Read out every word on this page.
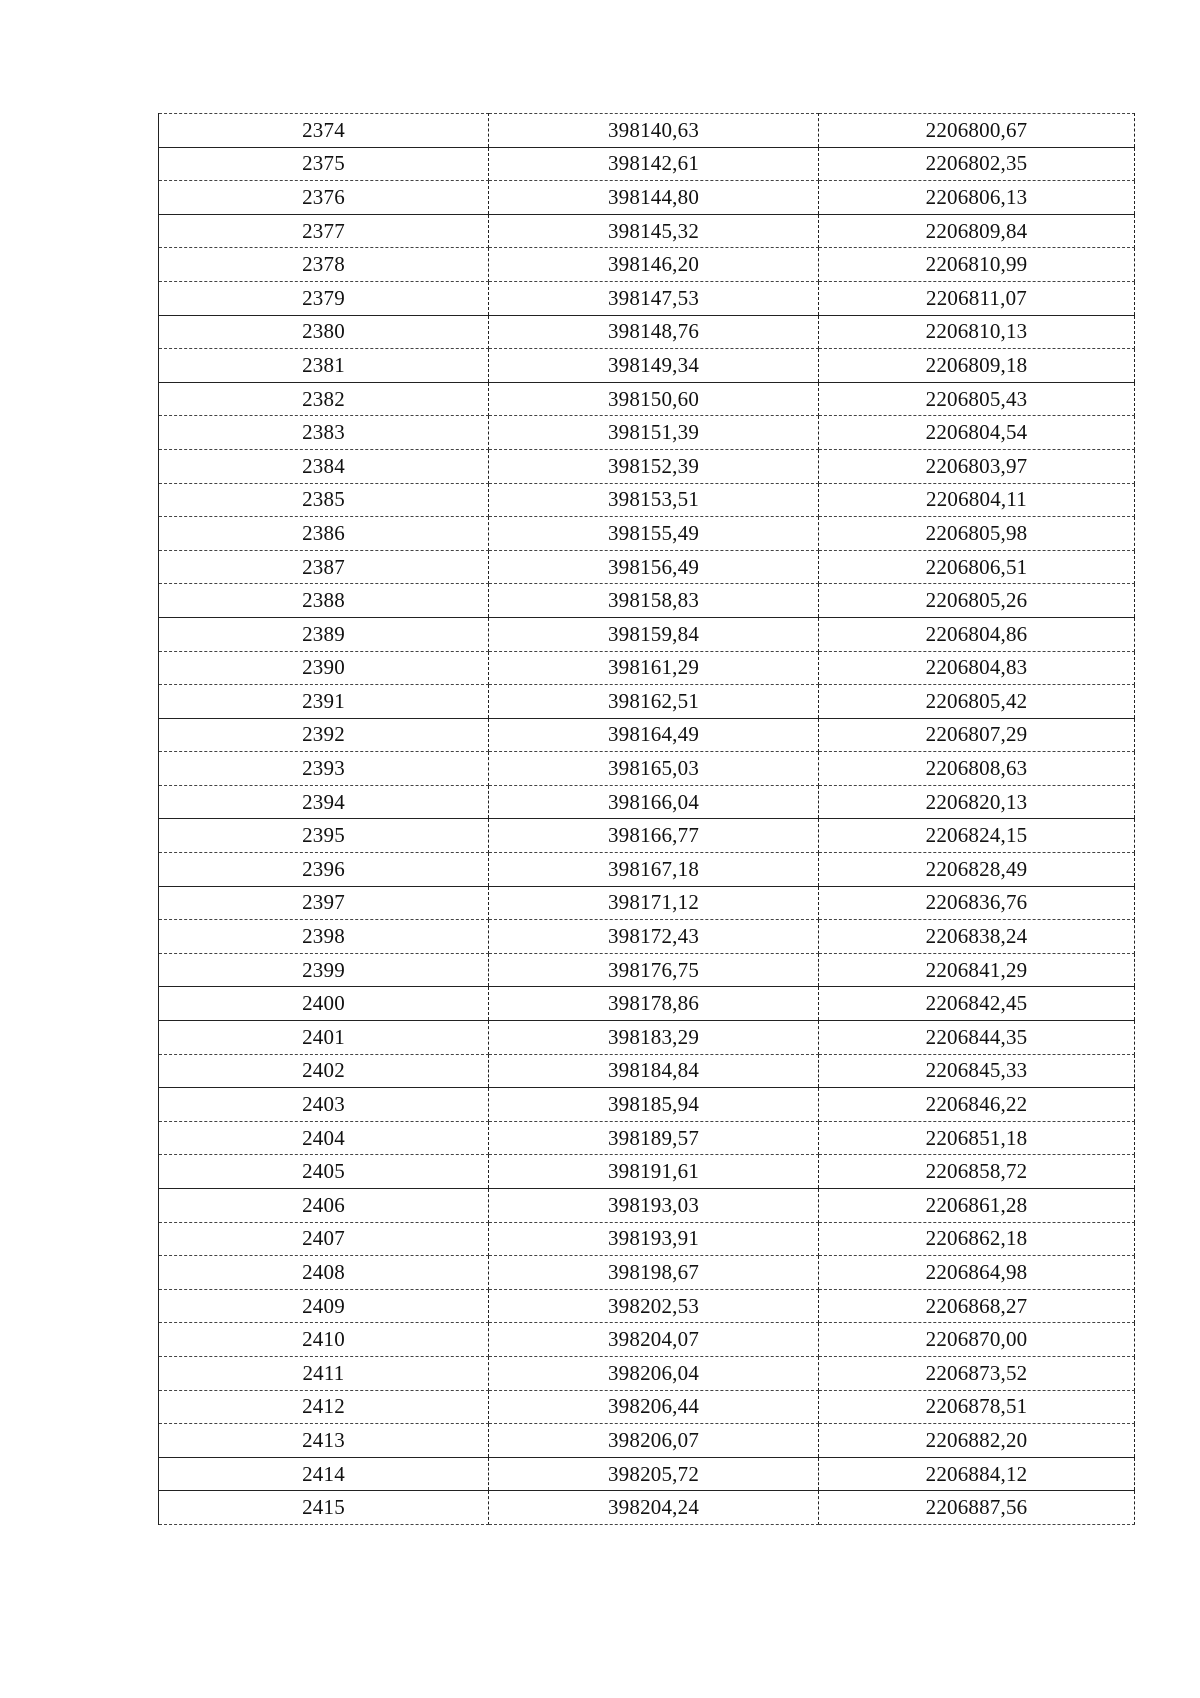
2374	398140,63	2206800,67
2375	398142,61	2206802,35
2376	398144,80	2206806,13
2377	398145,32	2206809,84
2378	398146,20	2206810,99
2379	398147,53	2206811,07
2380	398148,76	2206810,13
2381	398149,34	2206809,18
2382	398150,60	2206805,43
2383	398151,39	2206804,54
2384	398152,39	2206803,97
2385	398153,51	2206804,11
2386	398155,49	2206805,98
2387	398156,49	2206806,51
2388	398158,83	2206805,26
2389	398159,84	2206804,86
2390	398161,29	2206804,83
2391	398162,51	2206805,42
2392	398164,49	2206807,29
2393	398165,03	2206808,63
2394	398166,04	2206820,13
2395	398166,77	2206824,15
2396	398167,18	2206828,49
2397	398171,12	2206836,76
2398	398172,43	2206838,24
2399	398176,75	2206841,29
2400	398178,86	2206842,45
2401	398183,29	2206844,35
2402	398184,84	2206845,33
2403	398185,94	2206846,22
2404	398189,57	2206851,18
2405	398191,61	2206858,72
2406	398193,03	2206861,28
2407	398193,91	2206862,18
2408	398198,67	2206864,98
2409	398202,53	2206868,27
2410	398204,07	2206870,00
2411	398206,04	2206873,52
2412	398206,44	2206878,51
2413	398206,07	2206882,20
2414	398205,72	2206884,12
2415	398204,24	2206887,56
